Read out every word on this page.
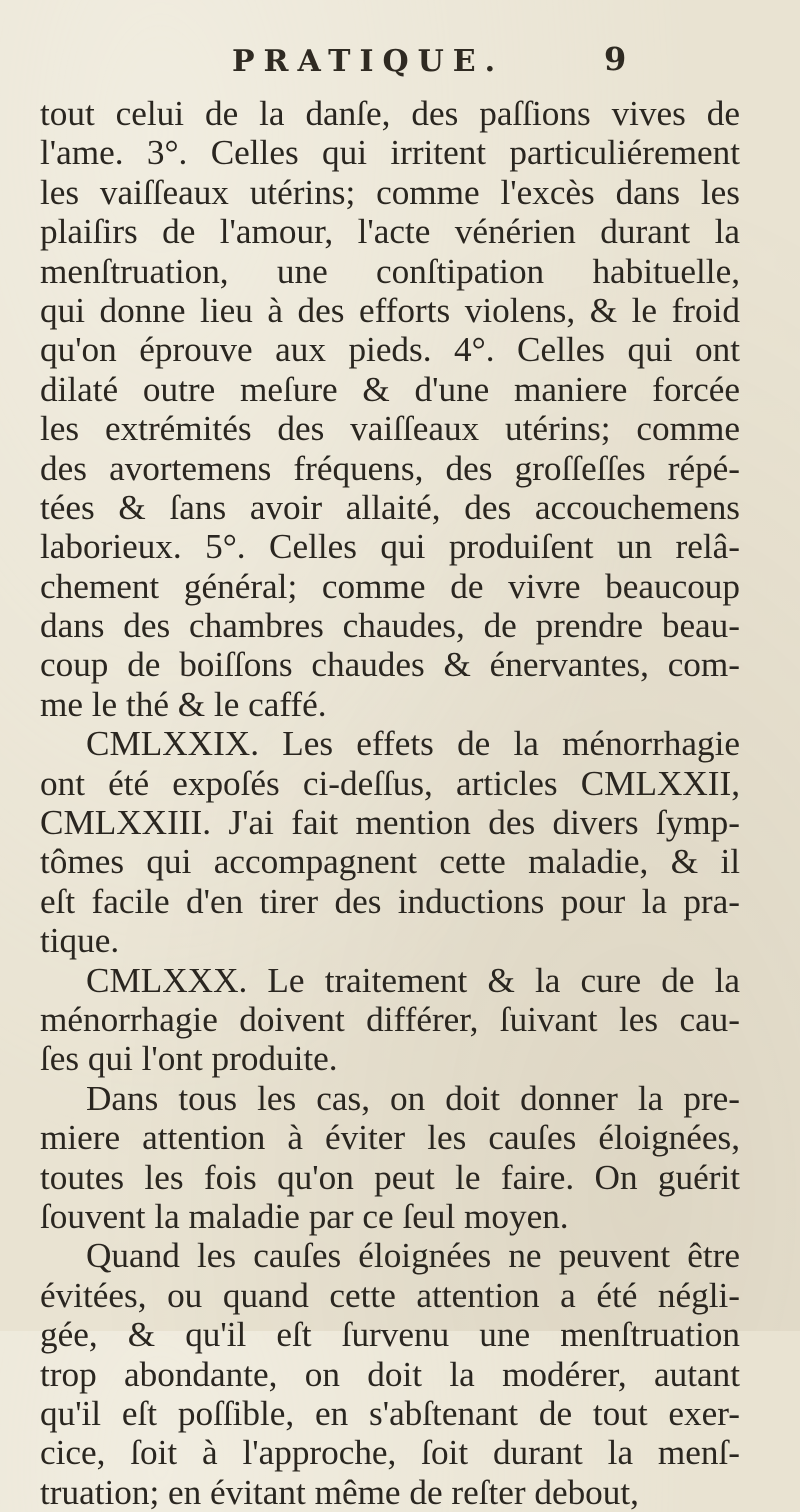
PRATIQUE.	9
tout celui de la danſe, des paſſions vives de
l'ame. 3°. Celles qui irritent particuliérement
les vaiſſeaux utérins; comme l'excès dans les
plaiſirs de l'amour, l'acte vénérien durant la
menſtruation, une conſtipation habituelle,
qui donne lieu à des efforts violens, & le froid
qu'on éprouve aux pieds. 4°. Celles qui ont
dilaté outre meſure & d'une maniere forcée
les extrémités des vaiſſeaux utérins; comme
des avortemens fréquens, des groſſeſſes répé-
tées & ſans avoir allaité, des accouchemens
laborieux. 5°. Celles qui produiſent un relâ-
chement général; comme de vivre beaucoup
dans des chambres chaudes, de prendre beau-
coup de boiſſons chaudes & énervantes, com-
me le thé & le caffé.
CMLXXIX. Les effets de la ménorrhagie
ont été expoſés ci-deſſus, articles CMLXXII,
CMLXXIII. J'ai fait mention des divers ſymp-
tômes qui accompagnent cette maladie, & il
eſt facile d'en tirer des inductions pour la pra-
tique.
CMLXXX. Le traitement & la cure de la
ménorrhagie doivent différer, ſuivant les cau-
ſes qui l'ont produite.
Dans tous les cas, on doit donner la pre-
miere attention à éviter les cauſes éloignées,
toutes les fois qu'on peut le faire. On guérit
ſouvent la maladie par ce ſeul moyen.
Quand les cauſes éloignées ne peuvent être
évitées, ou quand cette attention a été négli-
gée, & qu'il eſt ſurvenu une menſtruation
trop abondante, on doit la modérer, autant
qu'il eſt poſſible, en s'abſtenant de tout exer-
cice, ſoit à l'approche, ſoit durant la menſ-
truation; en évitant même de reſter debout,
